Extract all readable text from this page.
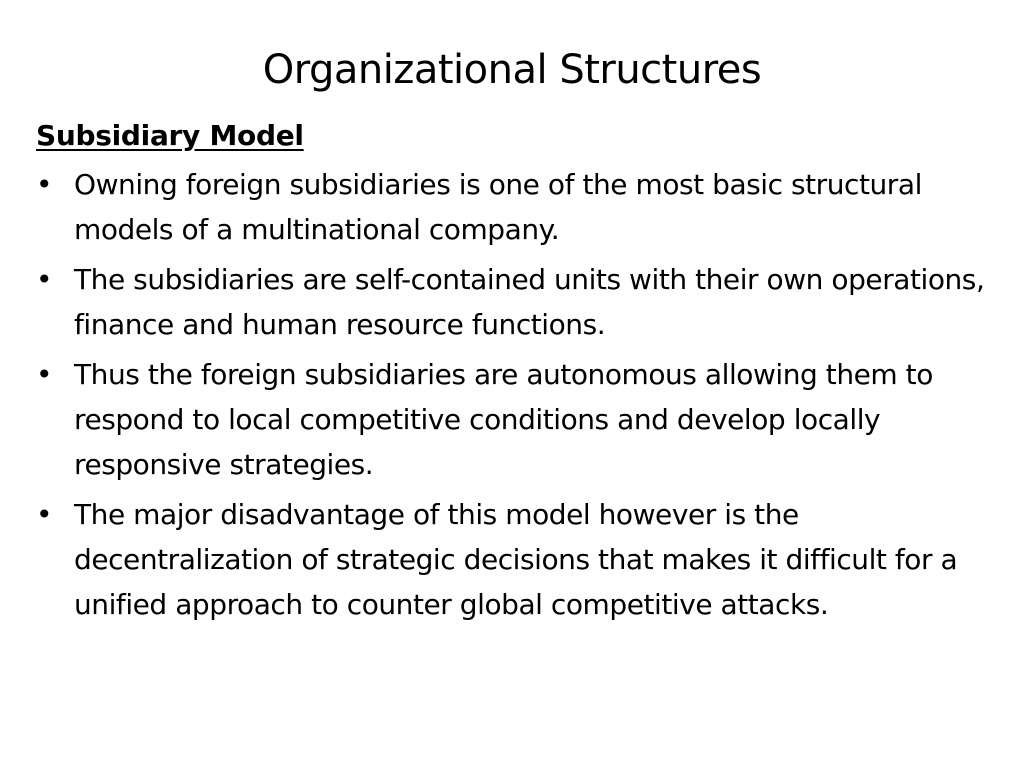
Organizational Structures
Subsidiary Model
• Owning foreign subsidiaries is one of the most basic structural models of a multinational company.
• The subsidiaries are self-contained units with their own operations, finance and human resource functions.
• Thus the foreign subsidiaries are autonomous allowing them to respond to local competitive conditions and develop locally responsive strategies.
• The major disadvantage of this model however is the decentralization of strategic decisions that makes it difficult for a unified approach to counter global competitive attacks.
